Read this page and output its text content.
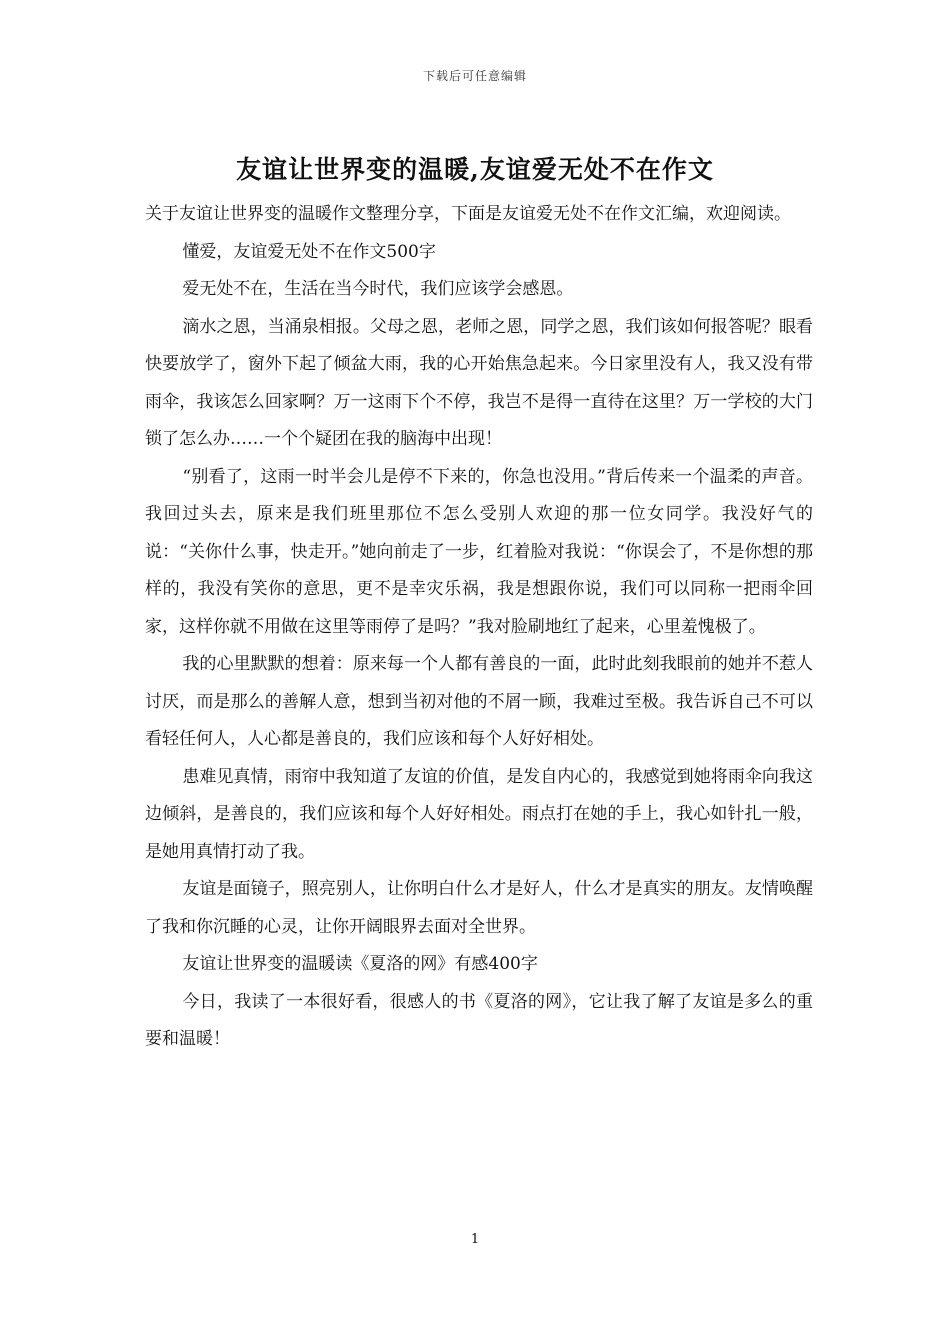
下载后可任意编辑
友谊让世界变的温暖,友谊爱无处不在作文

关于友谊让世界变的温暖作文整理分享，下面是友谊爱无处不在作文汇编，欢迎阅读。

懂爱，友谊爱无处不在作文500字

爱无处不在，生活在当今时代，我们应该学会感恩。

滴水之恩，当涌泉相报。父母之恩，老师之恩，同学之恩，我们该如何报答呢？眼看快要放学了，窗外下起了倾盆大雨，我的心开始焦急起来。今日家里没有人，我又没有带雨伞，我该怎么回家啊？万一这雨下个不停，我岂不是得一直待在这里？万一学校的大门锁了怎么办……一个个疑团在我的脑海中出现！

“别看了，这雨一时半会儿是停不下来的，你急也没用。”背后传来一个温柔的声音。我回过头去，原来是我们班里那位不怎么受别人欢迎的那一位女同学。我没好气的说：“关你什么事，快走开。”她向前走了一步，红着脸对我说：“你误会了，不是你想的那样的，我没有笑你的意思，更不是幸灾乐祸，我是想跟你说，我们可以同称一把雨伞回家，这样你就不用做在这里等雨停了是吗？”我对脸刷地红了起来，心里羞愧极了。

我的心里默默的想着：原来每一个人都有善良的一面，此时此刻我眼前的她并不惹人讨厌，而是那么的善解人意，想到当初对他的不屑一顾，我难过至极。我告诉自己不可以看轻任何人，人心都是善良的，我们应该和每个人好好相处。

患难见真情，雨帘中我知道了友谊的价值，是发自内心的，我感觉到她将雨伞向我这边倾斜，是善良的，我们应该和每个人好好相处。雨点打在她的手上，我心如针扎一般，是她用真情打动了我。

友谊是面镜子，照亮别人，让你明白什么才是好人，什么才是真实的朋友。友情唤醒了我和你沉睡的心灵，让你开阔眼界去面对全世界。

友谊让世界变的温暖读《夏洛的网》有感400字

今日，我读了一本很好看，很感人的书《夏洛的网》，它让我了解了友谊是多么的重要和温暖！

1
